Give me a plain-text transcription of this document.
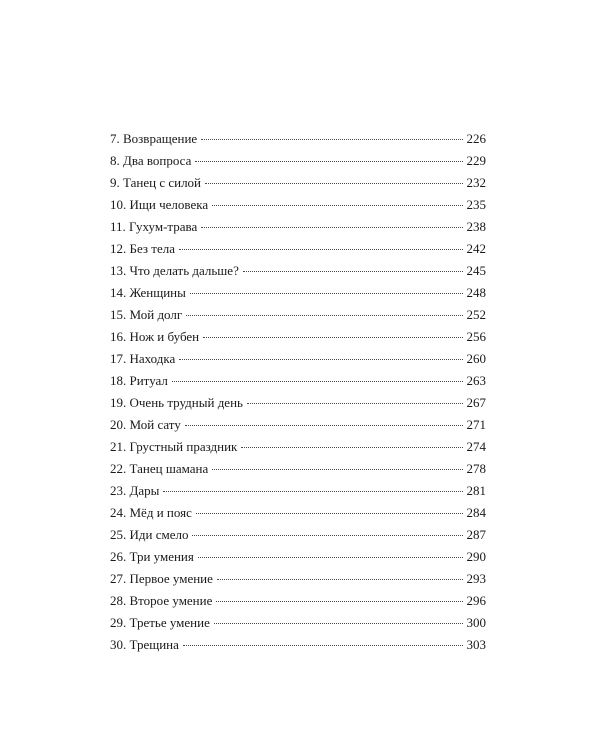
7. Возвращение	226
8. Два вопроса	229
9. Танец с силой	232
10. Ищи человека	235
11. Гухум-трава	238
12. Без тела	242
13. Что делать дальше?	245
14. Женщины	248
15. Мой долг	252
16. Нож и бубен	256
17. Находка	260
18. Ритуал	263
19. Очень трудный день	267
20. Мой сату	271
21. Грустный праздник	274
22. Танец шамана	278
23. Дары	281
24. Мёд и пояс	284
25. Иди смело	287
26. Три умения	290
27. Первое умение	293
28. Второе умение	296
29. Третье умение	300
30. Трещина	303
